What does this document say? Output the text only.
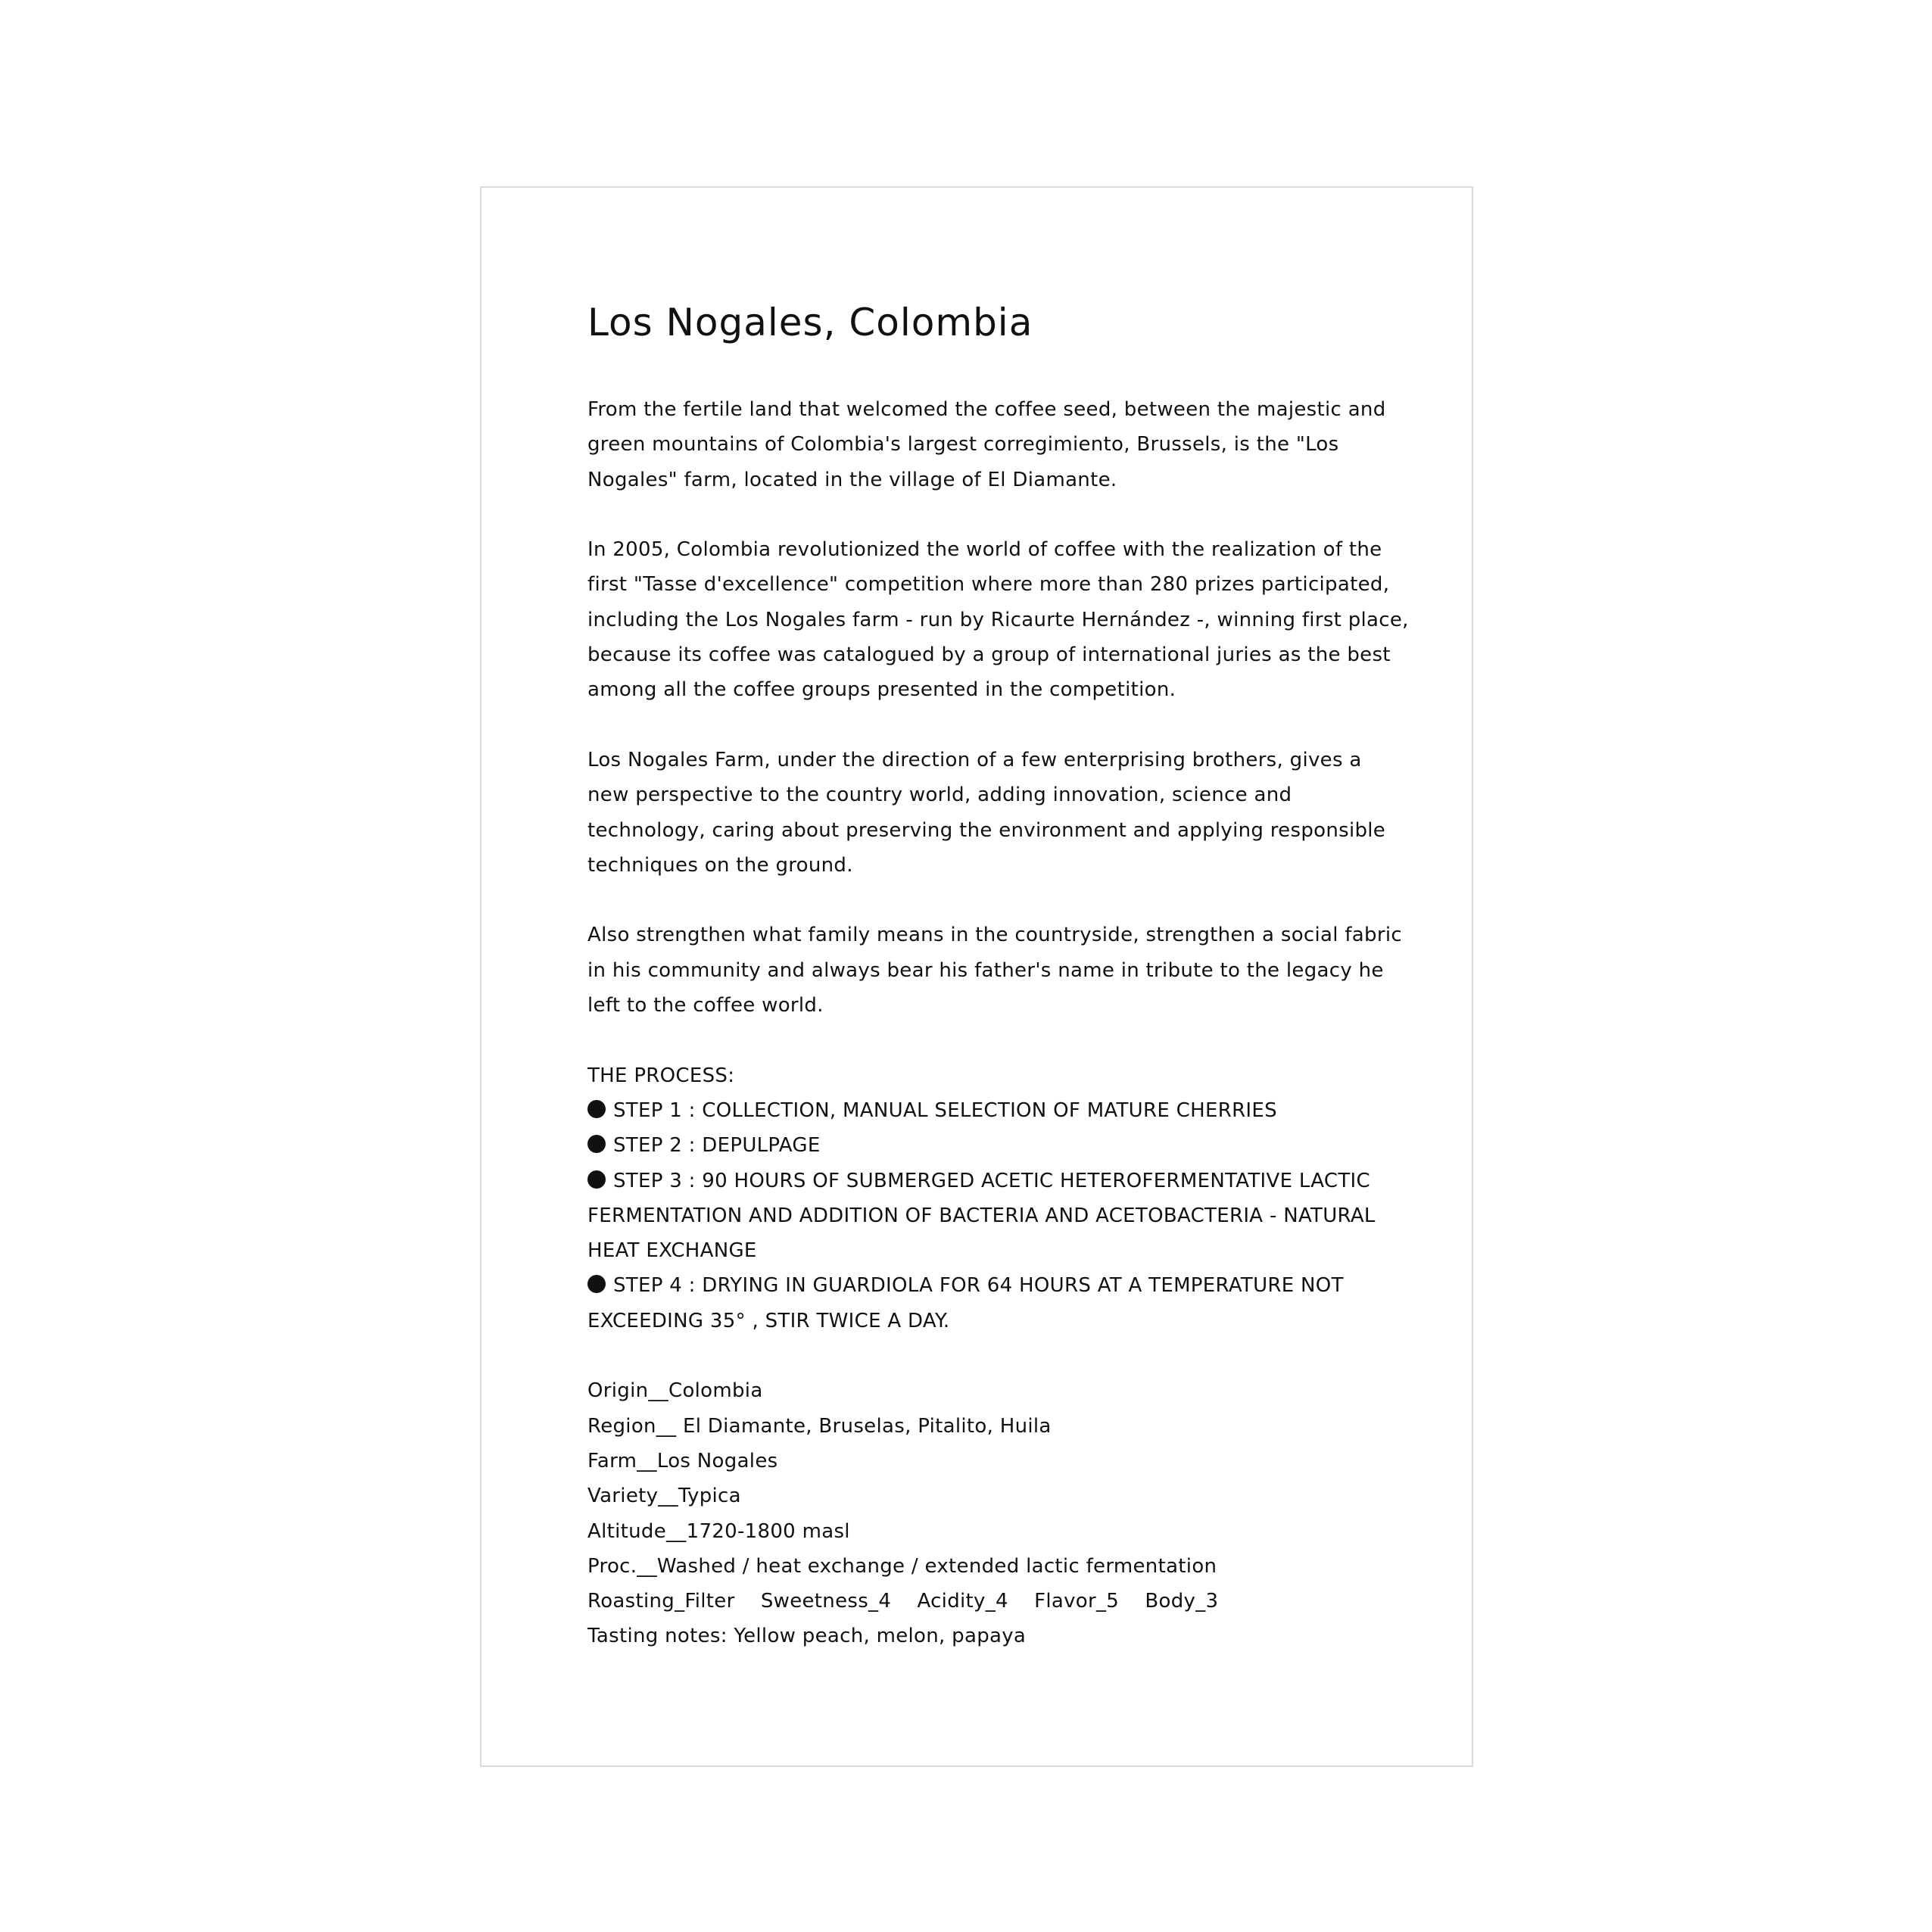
Los Nogales, Colombia
From the fertile land that welcomed the coffee seed, between the majestic and
green mountains of Colombia's largest corregimiento, Brussels, is the "Los
Nogales" farm, located in the village of El Diamante.
In 2005, Colombia revolutionized the world of coffee with the realization of the
first "Tasse d'excellence" competition where more than 280 prizes participated,
including the Los Nogales farm - run by Ricaurte Hernández -, winning first place,
because its coffee was catalogued by a group of international juries as the best
among all the coffee groups presented in the competition.
Los Nogales Farm, under the direction of a few enterprising brothers, gives a
new perspective to the country world, adding innovation, science and
technology, caring about preserving the environment and applying responsible
techniques on the ground.
Also strengthen what family means in the countryside, strengthen a social fabric
in his community and always bear his father's name in tribute to the legacy he
left to the coffee world.
THE PROCESS:
STEP 1 : COLLECTION, MANUAL SELECTION OF MATURE CHERRIES
STEP 2 : DEPULPAGE
STEP 3 : 90 HOURS OF SUBMERGED ACETIC HETEROFERMENTATIVE LACTIC
FERMENTATION AND ADDITION OF BACTERIA AND ACETOBACTERIA - NATURAL
HEAT EXCHANGE
STEP 4 : DRYING IN GUARDIOLA FOR 64 HOURS AT A TEMPERATURE NOT
EXCEEDING 35° , STIR TWICE A DAY.
Origin__Colombia
Region__ El Diamante, Bruselas, Pitalito, Huila
Farm__Los Nogales
Variety__Typica
Altitude__1720-1800 masl
Proc.__Washed / heat exchange / extended lactic fermentation
Roasting_Filter    Sweetness_4    Acidity_4    Flavor_5    Body_3
Tasting notes: Yellow peach, melon, papaya
